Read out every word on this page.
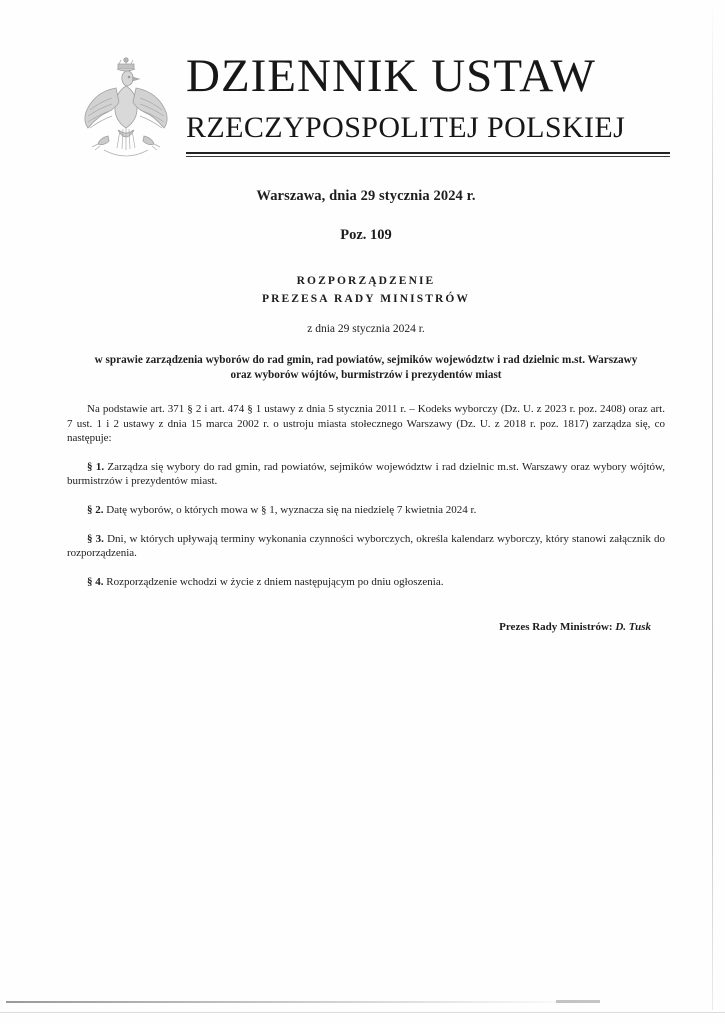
DZIENNIK USTAW
RZECZYPOSPOLITEJ POLSKIEJ
Warszawa, dnia 29 stycznia 2024 r.
Poz. 109
ROZPORZĄDZENIE
PREZESA RADY MINISTRÓW
z dnia 29 stycznia 2024 r.
w sprawie zarządzenia wyborów do rad gmin, rad powiatów, sejmików województw i rad dzielnic m.st. Warszawy
oraz wyborów wójtów, burmistrzów i prezydentów miast
Na podstawie art. 371 § 2 i art. 474 § 1 ustawy z dnia 5 stycznia 2011 r. – Kodeks wyborczy (Dz. U. z 2023 r. poz. 2408) oraz art. 7 ust. 1 i 2 ustawy z dnia 15 marca 2002 r. o ustroju miasta stołecznego Warszawy (Dz. U. z 2018 r. poz. 1817) zarządza się, co następuje:
§ 1. Zarządza się wybory do rad gmin, rad powiatów, sejmików województw i rad dzielnic m.st. Warszawy oraz wybory wójtów, burmistrzów i prezydentów miast.
§ 2. Datę wyborów, o których mowa w § 1, wyznacza się na niedzielę 7 kwietnia 2024 r.
§ 3. Dni, w których upływają terminy wykonania czynności wyborczych, określa kalendarz wyborczy, który stanowi załącznik do rozporządzenia.
§ 4. Rozporządzenie wchodzi w życie z dniem następującym po dniu ogłoszenia.
Prezes Rady Ministrów: D. Tusk
